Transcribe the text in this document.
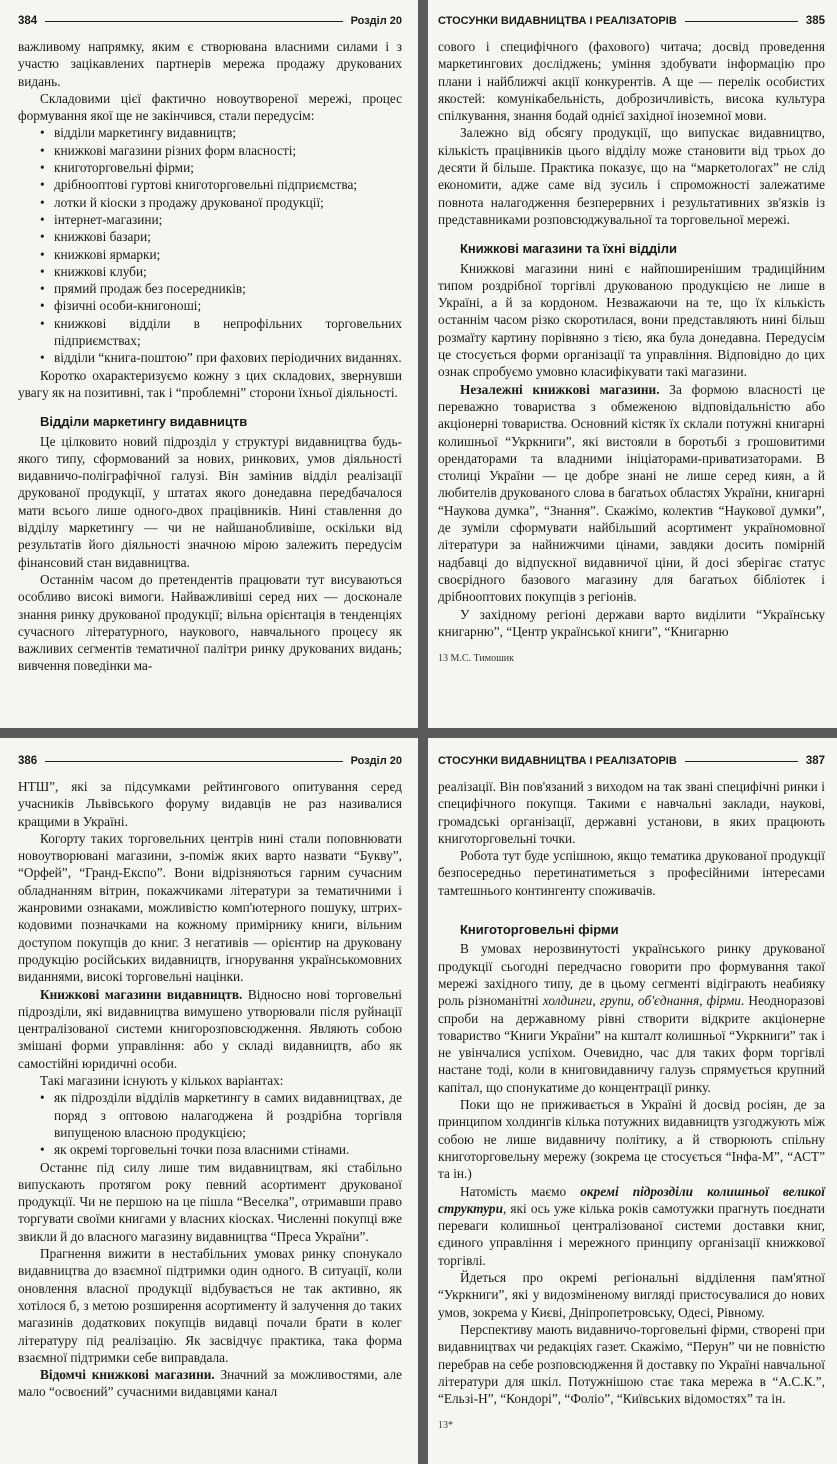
384	Розділ 20

важливому напрямку, яким є створювана власними силами і з участю зацікавлених партнерів мережа продажу друкованих видань.

Складовими цієї фактично новоутвореної мережі, процес формування якої ще не закінчився, стали передусім:

• відділи маркетингу видавництв;
• книжкові магазини різних форм власності;
• книготорговельні фірми;
• дрібнооптові гуртові книготорговельні підприємства;
• лотки й кіоски з продажу друкованої продукції;
• інтернет-магазини;
• книжкові базари;
• книжкові ярмарки;
• книжкові клуби;
• прямий продаж без посередників;
• фізичні особи-книгоноші;
• книжкові відділи в непрофільних торговельних підприємствах;
• відділи “книга-поштою” при фахових періодичних виданнях.

Коротко охарактеризуємо кожну з цих складових, звернувши увагу як на позитивні, так і “проблемні” сторони їхньої діяльності.

Відділи маркетингу видавництв

Це цілковито новий підрозділ у структурі видавництва будь-якого типу, сформований за нових, ринкових, умов діяльності видавничо-поліграфічної галузі. Він замінив відділ реалізації друкованої продукції, у штатах якого донедавна передбачалося мати всього лише одного-двох працівників. Нині ставлення до відділу маркетингу — чи не найшанобливіше, оскільки від результатів його діяльності значною мірою залежить передусім фінансовий стан видавництва.

Останнім часом до претендентів працювати тут висуваються особливо високі вимоги. Найважливіші серед них — досконале знання ринку друкованої продукції; вільна орієнтація в тенденціях сучасного літературного, наукового, навчального процесу як важливих сегментів тематичної палітри ринку друкованих видань; вивчення поведінки ма-

СТОСУНКИ ВИДАВНИЦТВА І РЕАЛІЗАТОРІВ	385

сового і специфічного (фахового) читача; досвід проведення маркетингових досліджень; уміння здобувати інформацію про плани і найближчі акції конкурентів. А ще — перелік особистих якостей: комунікабельність, доброзичливість, висока культура спілкування, знання бодай однієї західної іноземної мови.

Залежно від обсягу продукції, що випускає видавництво, кількість працівників цього відділу може становити від трьох до десяти й більше. Практика показує, що на “маркетологах” не слід економити, адже саме від зусиль і спроможності залежатиме повнота налагодження безперервних і результативних зв'язків із представниками розповсюджувальної та торговельної мережі.

Книжкові магазини та їхні відділи

Книжкові магазини нині є найпоширенішим традиційним типом роздрібної торгівлі друкованою продукцією не лише в Україні, а й за кордоном. Незважаючи на те, що їх кількість останнім часом різко скоротилася, вони представляють нині більш розмаїту картину порівняно з тією, яка була донедавна. Передусім це стосується форми організації та управління. Відповідно до цих ознак спробуємо умовно класифікувати такі магазини.

Незалежні книжкові магазини. За формою власності це переважно товариства з обмеженою відповідальністю або акціонерні товариства. Основний кістяк їх склали потужні книгарні колишньої “Укркниги”, які вистояли в боротьбі з грошовитими орендаторами та владними ініціаторами-приватизаторами. В столиці України — це добре знані не лише серед киян, а й любителів друкованого слова в багатьох областях України, книгарні “Наукова думка”, “Знання”. Скажімо, колектив “Наукової думки”, де зуміли сформувати найбільший асортимент україномовної літератури за найнижчими цінами, завдяки досить помірній надбавці до відпускної видавничої ціни, й досі зберігає статус своєрідного базового магазину для багатьох бібліотек і дрібнооптових покупців з регіонів.

У західному регіоні держави варто виділити “Українську книгарню”, “Центр української книги”, “Книгарню

13 М.С. Тимошик
386	Розділ 20

НТШ”, які за підсумками рейтингового опитування серед учасників Львівського форуму видавців не раз називалися кращими в Україні.

Когорту таких торговельних центрів нині стали поповнювати новоутворювані магазини, з-поміж яких варто назвати “Букву”, “Орфей”, “Гранд-Експо”. Вони відрізняються гарним сучасним обладнанням вітрин, покажчиками літератури за тематичними і жанровими ознаками, можливістю комп'ютерного пошуку, штрих-кодовими позначками на кожному примірнику книги, вільним доступом покупців до книг. З негативів — орієнтир на друковану продукцію російських видавництв, ігнорування українськомовних виданнями, високі торговельні націнки.

Книжкові магазини видавництв. Відносно нові торговельні підрозділи, які видавництва вимушено утворювали після руйнації централізованої системи книгорозповсюдження. Являють собою змішані форми управління: або у складі видавництв, або як самостійні юридичні особи.

Такі магазини існують у кількох варіантах:

• як підрозділи відділів маркетингу в самих видавництвах, де поряд з оптовою налагоджена й роздрібна торгівля випущеною власною продукцією;
• як окремі торговельні точки поза власними стінами.

Останнє під силу лише тим видавництвам, які стабільно випускають протягом року певний асортимент друкованої продукції. Чи не першою на це пішла “Веселка”, отримавши право торгувати своїми книгами у власних кіосках. Численні покупці вже звикли й до власного магазину видавництва “Преса України”.

Прагнення вижити в нестабільних умовах ринку спонукало видавництва до взаємної підтримки один одного. В ситуації, коли оновлення власної продукції відбувається не так активно, як хотілося б, з метою розширення асортименту й залучення до таких магазинів додаткових покупців видавці почали брати в колег літературу під реалізацію. Як засвідчує практика, така форма взаємної підтримки себе виправдала.

Відомчі книжкові магазини. Значний за можливостями, але мало “освоєний” сучасними видавцями канал

СТОСУНКИ ВИДАВНИЦТВА І РЕАЛІЗАТОРІВ	387

реалізації. Він пов'язаний з виходом на так звані специфічні ринки і специфічного покупця. Такими є навчальні заклади, наукові, громадські організації, державні установи, в яких працюють книготорговельні точки.

Робота тут буде успішною, якщо тематика друкованої продукції безпосередньо перетинатиметься з професійними інтересами тамтешнього контингенту споживачів.

Книготорговельні фірми

В умовах нерозвинутості українського ринку друкованої продукції сьогодні передчасно говорити про формування такої мережі західного типу, де в цьому сегменті відіграють неабияку роль різноманітні холдинги, групи, об'єднання, фірми. Неодноразові спроби на державному рівні створити відкрите акціонерне товариство “Книги України” на кшталт колишньої “Укркниги” так і не увінчалися успіхом. Очевидно, час для таких форм торгівлі настане тоді, коли в книговидавничу галузь спрямується крупний капітал, що спонукатиме до концентрації ринку.

Поки що не приживається в Україні й досвід росіян, де за принципом холдингів кілька потужних видавництв узгоджують між собою не лише видавничу політику, а й створюють спільну книготорговельну мережу (зокрема це стосується “Інфа-М”, “АСТ” та ін.)

Натомість маємо окремі підрозділи колишньої великої структури, які ось уже кілька років самотужки прагнуть поєднати переваги колишньої централізованої системи доставки книг, єдиного управління і мережного принципу організації книжкової торгівлі.

Йдеться про окремі регіональні відділення пам'ятної “Укркниги”, які у видозміненому вигляді пристосувалися до нових умов, зокрема у Києві, Дніпропетровську, Одесі, Рівному.

Перспективу мають видавничо-торговельні фірми, створені при видавництвах чи редакціях газет. Скажімо, “Перун” чи не повністю перебрав на себе розповсюдження й доставку по Україні навчальної літератури для шкіл. Потужнішою стає така мережа в “А.С.К.”, “Ельзі-Н”, “Кондорі”, “Фоліо”, “Київських відомостях” та ін.

13*
